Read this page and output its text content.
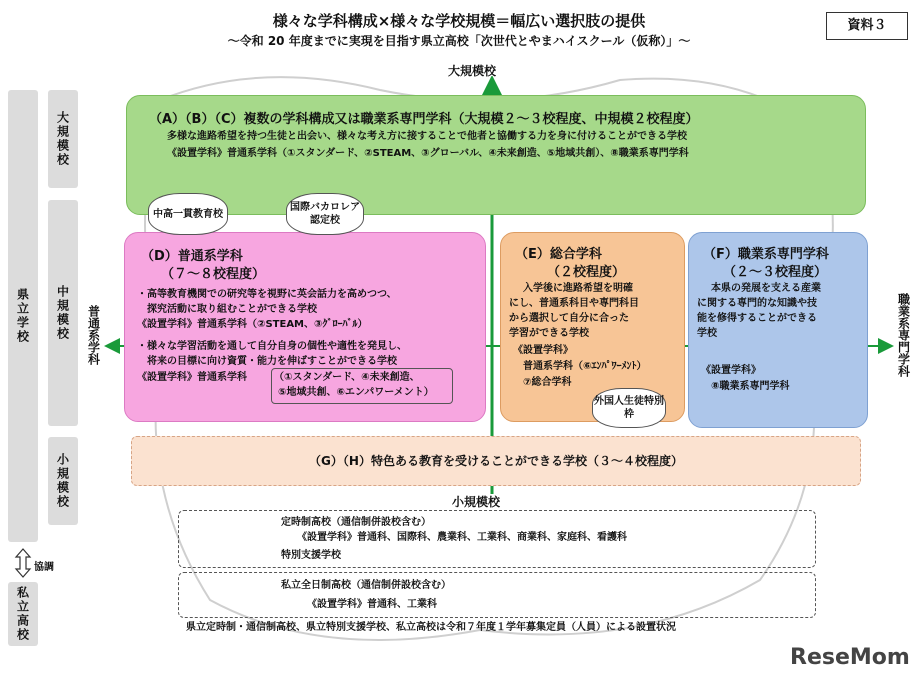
様々な学科構成×様々な学校規模＝幅広い選択肢の提供
～令和 20 年度までに実現を目指す県立高校「次世代とやまハイスクール（仮称）」～
資料３
県立学校
私立高校
協調
大規模校
中規模校
小規模校
大規模校
小規模校
普通系学科	職業系専門学科
（A）（B）（C）複数の学科構成又は職業系専門学科（大規模２～３校程度、中規模２校程度）
多様な進路希望を持つ生徒と出会い、様々な考え方に接することで他者と協働する力を身に付けることができる学校
《設置学科》普通系学科（①スタンダード、②STEAM、③グローバル、④未来創造、⑤地域共創）、⑧職業系専門学科
（D）普通系学科
（７～８校程度）
・高等教育機関での研究等を視野に英会話力を高めつつ、
探究活動に取り組むことができる学校
《設置学科》普通系学科（②STEAM、③ｸﾞﾛｰﾊﾞﾙ）
・様々な学習活動を通して自分自身の個性や適性を発見し、
将来の目標に向け資質・能力を伸ばすことができる学校
《設置学科》普通系学科	（①スタンダード、④未来創造、
⑤地域共創、⑥エンパワーメント）
中高一貫教育校
国際バカロレア認定校
（E）総合学科
（２校程度）
入学後に進路希望を明確
にし、普通系科目や専門科目
から選択して自分に合った
学習ができる学校
《設置学科》
普通系学科（⑥ｴﾝﾊﾟﾜｰﾒﾝﾄ）
⑦総合学科
外国人生徒特別枠
（F）職業系専門学科
（２～３校程度）
本県の発展を支える産業
に関する専門的な知識や技
能を修得することができる
学校
《設置学科》
⑧職業系専門学科
（G）（H）特色ある教育を受けることができる学校（３～４校程度）
定時制高校（通信制併設校含む）
《設置学科》普通科、国際科、農業科、工業科、商業科、家庭科、看護科
特別支援学校
私立全日制高校（通信制併設校含む）
《設置学科》普通科、工業科
県立定時制・通信制高校、県立特別支援学校、私立高校は令和７年度１学年募集定員（人員）による設置状況
ReseMom
